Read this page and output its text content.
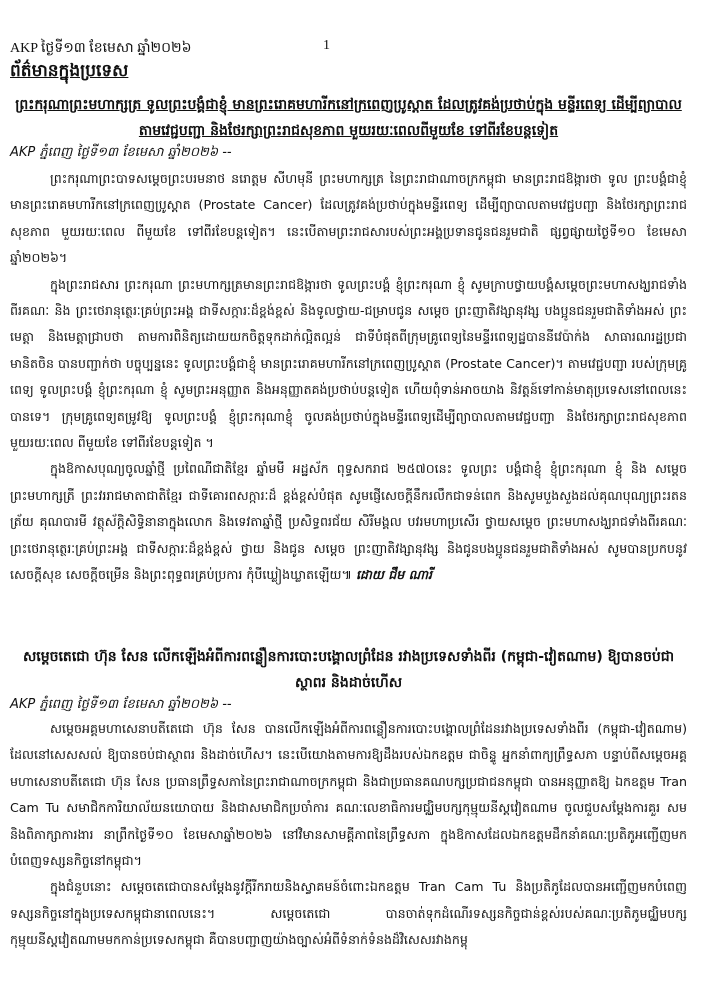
AKP ថ្ងៃទី១៣ ខែមេសា ឆ្នាំ២០២៦	1
ព័ត៌មានក្នុងប្រទេស
ព្រះករុណាព្រះមហាក្សត្រ ទូលព្រះបង្គំជាខ្ញុំ មានព្រះរោគមហារីកនៅក្រពេញប្រូស្តាត ដែលត្រូវគង់ប្រថាប់ក្នុង មន្ទីរពេទ្យ ដើម្បីព្យាបាលតាមវេជ្ជបញ្ជា និងថែរក្សាព្រះរាជសុខភាព មួយរយៈពេលពីមួយខែ ទៅពីរខែបន្តទៀត
AKP ភ្នំពេញ ថ្ងៃទី១៣ ខែមេសា ឆ្នាំ២០២៦ --

ព្រះករុណាព្រះបាទសម្ដេចព្រះបរមនាថ នរោត្តម សីហមុនី ព្រះមហាក្សត្រ នៃព្រះរាជាណាចក្រកម្ពុជា មានព្រះរាជឱង្ការថា ទូល ព្រះបង្គំជាខ្ញុំ មានព្រះរោគមហារីកនៅក្រពេញប្រូស្តាត (Prostate Cancer) ដែលត្រូវគង់ប្រថាប់ក្នុងមន្ទីរពេទ្យ ដើម្បីព្យាបាលតាមវេជ្ជបញ្ជា និងថែរក្សាព្រះរាជសុខភាព មួយរយៈពេល ពីមួយខែ ទៅពីរខែបន្តទៀត។ នេះបើតាមព្រះរាជសារបស់ព្រះអង្គប្រទានជូនជនរួមជាតិ ផ្សព្វផ្សាយថ្ងៃទី១០ ខែមេសា ឆ្នាំ២០២៦។

ក្នុងព្រះរាជសារ ព្រះករុណា ព្រះមហាក្សត្រមានព្រះរាជឱង្ការថា ទូលព្រះបង្គំ ខ្ញុំព្រះករុណា ខ្ញុំ សូមក្រាបថ្វាយបង្គំសម្ដេចព្រះមហាសង្ឃរាជទាំងពីរគណៈ និង ព្រះថេរានុត្ថេរៈគ្រប់ព្រះអង្គ ជាទីសក្ការៈដ៏ខ្ពង់ខ្ពស់ និងទូលថ្វាយ-ជម្រាបជូន សម្តេច ព្រះញាតិវង្សានុវង្ស បងប្អូនជនរួមជាតិទាំងអស់ ព្រះមេត្តា និងមេត្តាជ្រាបថា តាមការពិនិត្យដោយយកចិត្តទុកដាក់ល្អិតល្អន់ ជាទីបំផុតពីក្រុមគ្រូពេទ្យនៃមន្ទីរពេទ្យដ្ឋបាននីវេប៉ាក់ង សាធារណរដ្ឋប្រជាមានិតចិន បានបញ្ជាក់ថា បច្ចុប្បន្ននេះ ទូលព្រះបង្គំជាខ្ញុំ មានព្រះរោគមហារីកនៅក្រពេញប្រូស្តាត (Prostate Cancer)។ តាមវេជ្ជបញ្ជា របស់ក្រុមគ្រូពេទ្យ ទូលព្រះបង្គំ ខ្ញុំព្រះករុណា ខ្ញុំ សូមព្រះអនុញ្ញាត និងអនុញ្ញាតគង់ប្រថាប់បន្តទៀត ហើយពុំទាន់អាចយាង និវត្តន៍ទៅកាន់មាតុប្រទេសនៅពេលនេះបានទេ។ ក្រុមគ្រូពេទ្យតម្រូវឱ្យ ទូលព្រះបង្គំ ខ្ញុំព្រះករុណាខ្ញុំ ចូលគង់ប្រថាប់ក្នុងមន្ទីរពេទ្យដើម្បីព្យាបាលតាមវេជ្ជបញ្ជា និងថែរក្សាព្រះរាជសុខភាព មួយរយៈពេល ពីមួយខែ ទៅពីរខែបន្តទៀត ។

ក្នុងឱកាសបុណ្យចូលឆ្នាំថ្មី ប្រពៃណីជាតិខ្មែរ ឆ្នាំមមី អដ្ឋស័ក ពុទ្ធសករាជ ២៥៧០នេះ ទូលព្រះ បង្គំជាខ្ញុំ ខ្ញុំព្រះករុណា ខ្ញុំ និង សម្តេចព្រះមហាក្សត្រី ព្រះវររាជមាតាជាតិខ្មែរ ជាទីគោរពសក្ការៈដ៏ ខ្ពង់ខ្ពស់បំផុត សូមផ្ញើសេចក្ដីនឹករលឹកជាទន់ពេក និងសូមបួងសួងដល់គុណបុណ្យព្រះរតនត្រ័យ គុណបារមី វត្ថុស័ក្តិសិទ្ធិនានាក្នុងលោក និងទេវតាឆ្នាំថ្មី ប្រសិទ្ធពរជ័យ សិរីមង្គល បវរមហាប្រសើរ ថ្វាយសម្តេច ព្រះមហាសង្ឃរាជទាំងពីរគណៈ ព្រះថេរានុត្ថេរៈគ្រប់ព្រះអង្គ ជាទីសក្ការៈដ៏ខ្ពង់ខ្ពស់ ថ្វាយ និងជូន សម្តេច ព្រះញាតិវង្សានុវង្ស និងជូនបងប្អូនជនរួមជាតិទាំងអស់ សូមបានប្រកបនូវសេចក្ដីសុខ សេចក្ដីចម្រើន និងព្រះពុទ្ធពរគ្រប់ប្រការ កុំបីឃ្លៀងឃ្លាតឡើយ៕ ដោយ ជឹម ណារី

សម្តេចតេជោ ហ៊ុន សែន លើកឡើងអំពីការពន្លឿនការបោះបង្គោលព្រំដែន រវាងប្រទេសទាំងពីរ (កម្ពុជា-វៀតណាម) ឱ្យបានចប់ជាស្ថាពរ និងដាច់ហើស
AKP ភ្នំពេញ ថ្ងៃទី១៣ ខែមេសា ឆ្នាំ២០២៦ --

សម្តេចអគ្គមហាសេនាបតីតេជោ ហ៊ុន សែន បានលើកឡើងអំពីការពន្លឿនការបោះបង្គោលព្រំដែនរវាងប្រទេសទាំងពីរ (កម្ពុជា-វៀតណាម) ដែលនៅសេសសល់ ឱ្យបានចប់ជាស្ថាពរ និងដាច់ហើស។ នេះបើយោងតាមការឱ្យដឹងរបស់ឯកឧត្តម ជាចិន្ទូ អ្នកនាំពាក្យព្រឹទ្ធសភា បន្ទាប់ពីសម្តេចអគ្គមហាសេនាបតីតេជោ ហ៊ុន សែន ប្រធានព្រឹទ្ធសភានៃព្រះរាជាណាចក្រកម្ពុជា និងជាប្រធានគណបក្សប្រជាជនកម្ពុជា បានអនុញ្ញាតឱ្យ ឯកឧត្តម Tran Cam Tu សមាជិកការិយាល័យនយោបាយ និងជាសមាជិកប្រចាំការ គណៈលេខាធិការមជ្ឈិមបក្សកុម្មុយនីស្តវៀតណាម ចូលជួបសម្តែងការគួរ សម និងពិភាក្សាការងារ នាព្រឹកថ្ងៃទី១០ ខែមេសាឆ្នាំ២០២៦ នៅវិមានសាមគ្គីភាពនៃព្រឹទ្ធសភា ក្នុងឱកាសដែលឯកឧត្តមដឹកនាំគណៈប្រតិភូអញ្ជើញមកបំពេញទស្សនកិច្ចនៅកម្ពុជា។

ក្នុងជំនួបនោះ សម្តេចតេជោបានសម្តែងនូវក្តីរីករាយនិងស្វាគមន៍ចំពោះឯកឧត្តម Tran Cam Tu និងប្រតិភូដែលបានអញ្ជើញមកបំពេញទស្សនកិច្ចនៅក្នុងប្រទេសកម្ពុជានាពេលនេះ។ សម្តេចតេជោ បានចាត់ទុកដំណើរទស្សនកិច្ចជាន់ខ្ពស់របស់គណៈប្រតិភូមជ្ឈិមបក្សកុម្មុយនីស្តវៀតណាមមកកាន់ប្រទេសកម្ពុជា គឺបានបញ្ជាញយ៉ាងច្បាស់អំពីទំនាក់ទំនងដ៏វិសេសរវាងកម្ពុ
